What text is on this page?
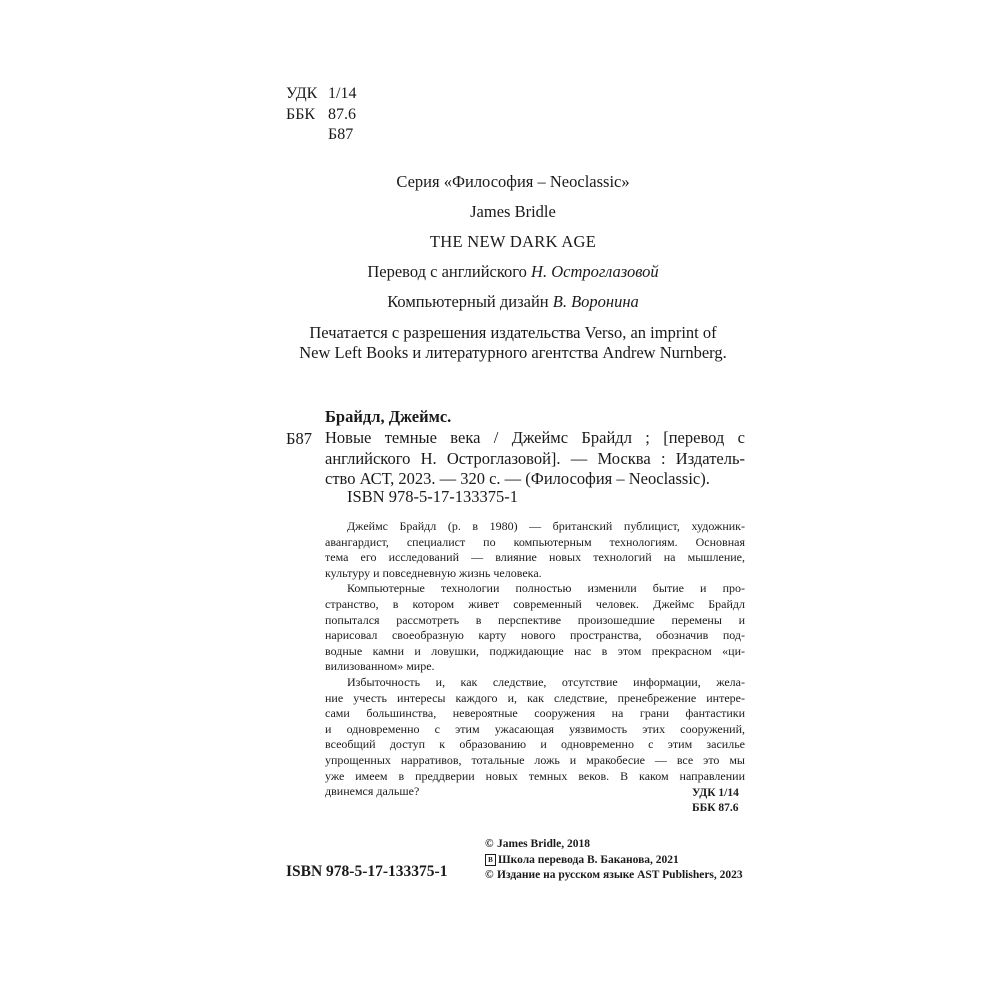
УДК 1/14
ББК 87.6
Б87
Серия «Философия – Neoclassic»
James Bridle
THE NEW DARK AGE
Перевод с английского Н. Остроглазовой
Компьютерный дизайн В. Воронина
Печатается с разрешения издательства Verso, an imprint of
New Left Books и литературного агентства Andrew Nurnberg.
Брайдл, Джеймс.
Б87 Новые темные века / Джеймс Брайдл ; [перевод с
английского Н. Остроглазовой]. — Москва : Издатель-
ство АСТ, 2023. — 320 с. — (Философия – Neoclassic).
ISBN 978-5-17-133375-1
Джеймс Брайдл (р. в 1980) — британский публицист, художник-
авангардист, специалист по компьютерным технологиям. Основная
тема его исследований — влияние новых технологий на мышление,
культуру и повседневную жизнь человека.
Компьютерные технологии полностью изменили бытие и про-
странство, в котором живет современный человек. Джеймс Брайдл
попытался рассмотреть в перспективе произошедшие перемены и
нарисовал своеобразную карту нового пространства, обозначив под-
водные камни и ловушки, поджидающие нас в этом прекрасном «ци-
вилизованном» мире.
Избыточность и, как следствие, отсутствие информации, жела-
ние учесть интересы каждого и, как следствие, пренебрежение интере-
сами большинства, невероятные сооружения на грани фантастики
и одновременно с этим ужасающая уязвимость этих сооружений,
всеобщий доступ к образованию и одновременно с этим засилье
упрощенных нарративов, тотальные ложь и мракобесие — все это мы
уже имеем в преддверии новых темных веков. В каком направлении
двинемся дальше?	УДК 1/14
ББК 87.6
© James Bridle, 2018
В Школа перевода В. Баканова, 2021
© Издание на русском языке AST Publishers, 2023
ISBN 978-5-17-133375-1
